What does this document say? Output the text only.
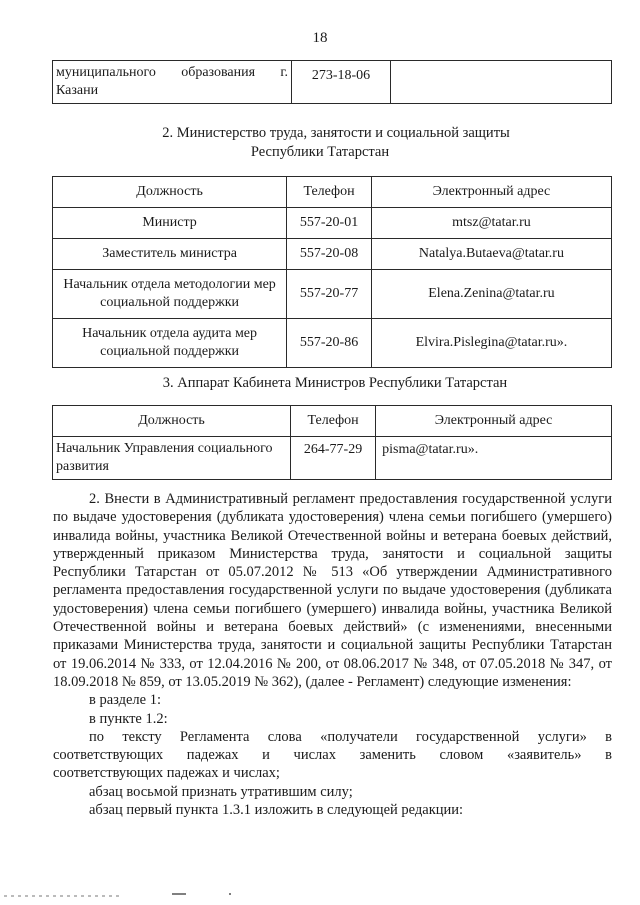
18
муниципального образования г. Казани	273-18-06	
2. Министерство труда, занятости и социальной защиты
Республики Татарстан
Должность	Телефон	Электронный адрес
Министр	557-20-01	mtsz@tatar.ru
Заместитель министра	557-20-08	Natalya.Butaeva@tatar.ru
Начальник отдела методологии мер социальной поддержки	557-20-77	Elena.Zenina@tatar.ru
Начальник отдела аудита мер социальной поддержки	557-20-86	Elvira.Pislegina@tatar.ru».
3. Аппарат Кабинета Министров Республики Татарстан
Должность	Телефон	Электронный адрес
Начальник Управления социального развития	264-77-29	pisma@tatar.ru».

2. Внести в Административный регламент предоставления государственной услуги по выдаче удостоверения (дубликата удостоверения) члена семьи погибшего (умершего) инвалида войны, участника Великой Отечественной войны и ветерана боевых действий, утвержденный приказом Министерства труда, занятости и социальной защиты Республики Татарстан от 05.07.2012 № 513 «Об утверждении Административного регламента предоставления государственной услуги по выдаче удостоверения (дубликата удостоверения) члена семьи погибшего (умершего) инвалида войны, участника Великой Отечественной войны и ветерана боевых действий» (с изменениями, внесенными приказами Министерства труда, занятости и социальной защиты Республики Татарстан от 19.06.2014 № 333, от 12.04.2016 № 200, от 08.06.2017 № 348, от 07.05.2018 № 347, от 18.09.2018 № 859, от 13.05.2019 № 362), (далее - Регламент) следующие изменения:

в разделе 1:

в пункте 1.2:

по тексту Регламента слова «получатели государственной услуги» в

соответствующих падежах и числах заменить словом «заявитель» в

соответствующих падежах и числах;

абзац восьмой признать утратившим силу;

абзац первый пункта 1.3.1 изложить в следующей редакции:
